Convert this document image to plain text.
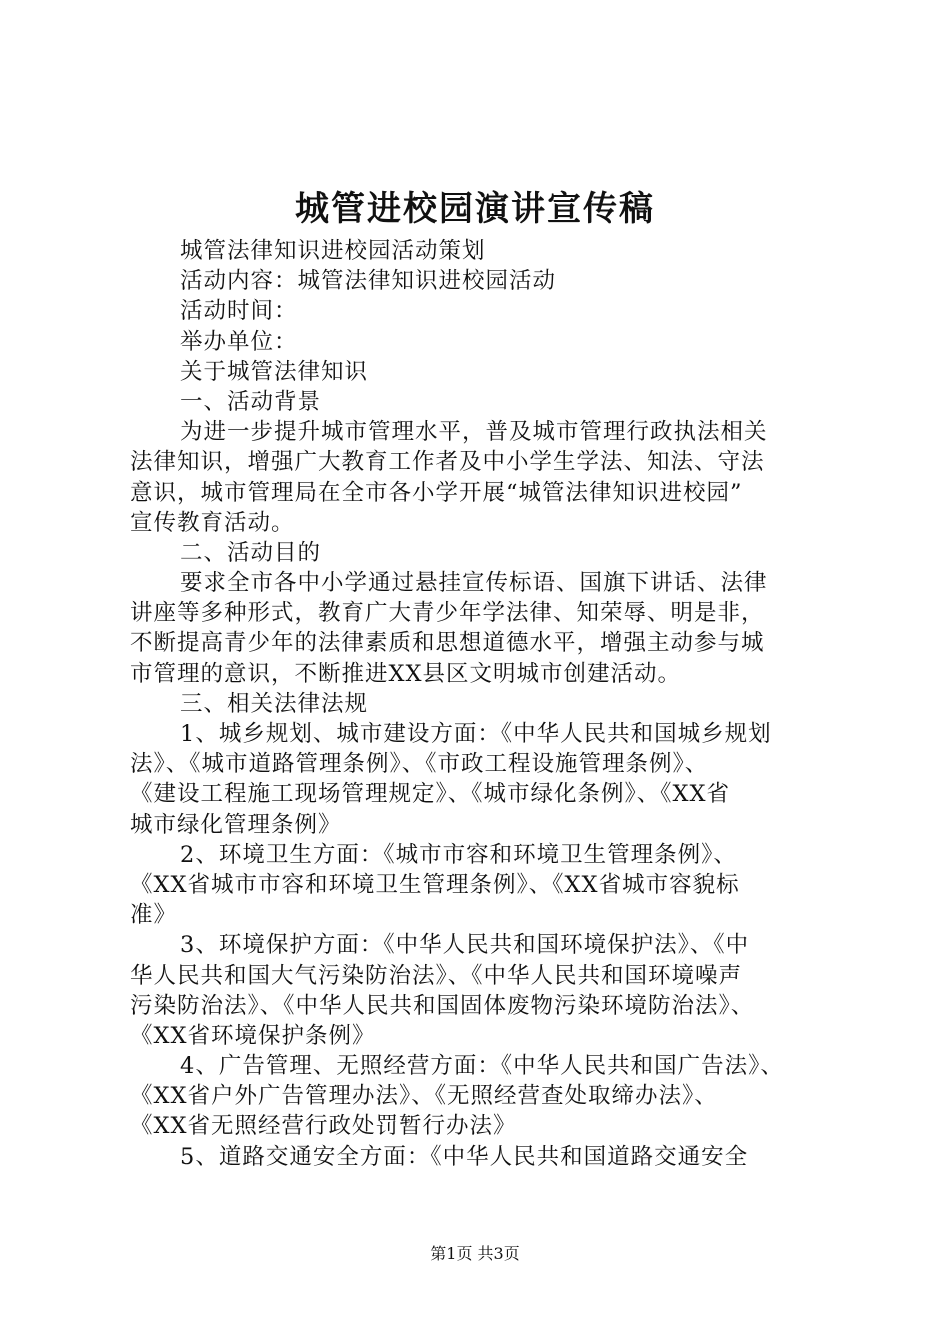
城管进校园演讲宣传稿
城管法律知识进校园活动策划
活动内容：城管法律知识进校园活动
活动时间：
举办单位：
关于城管法律知识
一、活动背景
为进一步提升城市管理水平，普及城市管理行政执法相关
法律知识，增强广大教育工作者及中小学生学法、知法、守法
意识，城市管理局在全市各小学开展“城管法律知识进校园”
宣传教育活动。
二、活动目的
要求全市各中小学通过悬挂宣传标语、国旗下讲话、法律
讲座等多种形式，教育广大青少年学法律、知荣辱、明是非，
不断提高青少年的法律素质和思想道德水平，增强主动参与城
市管理的意识，不断推进XX县区文明城市创建活动。
三、相关法律法规
1、城乡规划、城市建设方面：《中华人民共和国城乡规划
法》、《城市道路管理条例》、《市政工程设施管理条例》、
《建设工程施工现场管理规定》、《城市绿化条例》、《XX省
城市绿化管理条例》
2、环境卫生方面：《城市市容和环境卫生管理条例》、
《XX省城市市容和环境卫生管理条例》、《XX省城市容貌标
准》
3、环境保护方面：《中华人民共和国环境保护法》、《中
华人民共和国大气污染防治法》、《中华人民共和国环境噪声
污染防治法》、《中华人民共和国固体废物污染环境防治法》、
《XX省环境保护条例》
4、广告管理、无照经营方面：《中华人民共和国广告法》、
《XX省户外广告管理办法》、《无照经营查处取缔办法》、
《XX省无照经营行政处罚暂行办法》
5、道路交通安全方面：《中华人民共和国道路交通安全
第1页 共3页
